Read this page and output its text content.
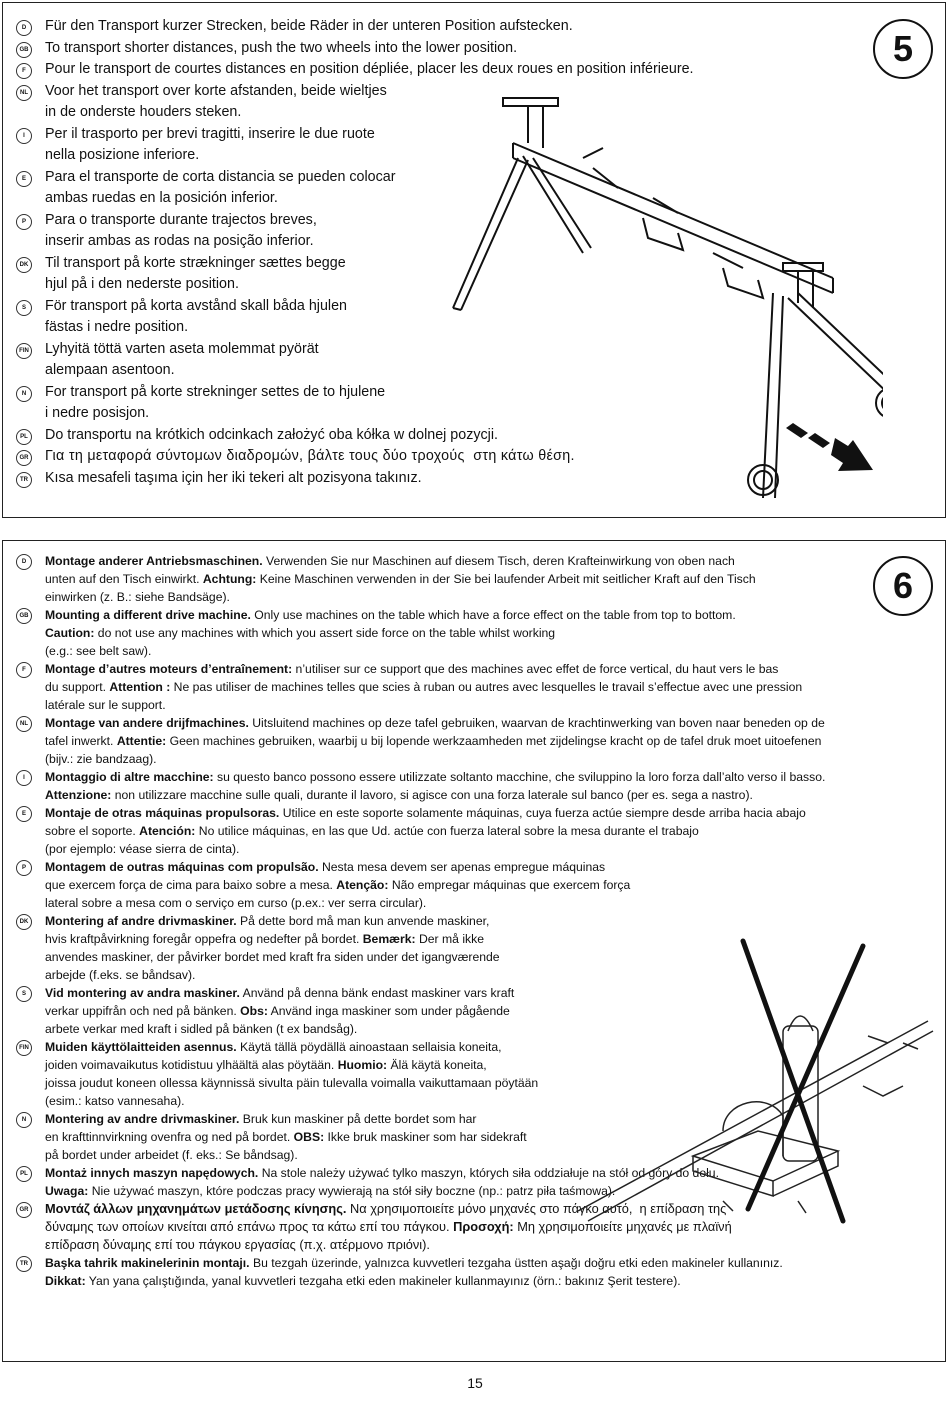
5
D	Für den Transport kurzer Strecken, beide Räder in der unteren Position aufstecken.
GB To transport shorter distances, push the two wheels into the lower position.
F	Pour le transport de courtes distances en position dépliée, placer les deux roues en position inférieure.
NL Voor het transport over korte afstanden, beide wieltjes
in de onderste houders steken.
I	Per il trasporto per brevi tragitti, inserire le due ruote
nella posizione inferiore.
E	Para el transporte de corta distancia se pueden colocar
ambas ruedas en la posición inferior.
P	Para o transporte durante trajectos breves,
inserir ambas as rodas na posição inferior.
DK Til transport på korte strækninger sættes begge
hjul på i den nederste position.
S	För transport på korta avstånd skall båda hjulen
fästas i nedre position.
FIN Lyhyitä töttä varten aseta molemmat pyörät
alempaan asentoon.
N	For transport på korte strekninger settes de to hjulene
i nedre posisjon.
PL Do transportu na krótkich odcinkach założyć oba kółka w dolnej pozycji.
GR Για τη μεταφορά σύντομων διαδρομών, βάλτε τους δύο τροχούς  στη κάτω θέση.
TR Kısa mesafeli taşıma için her iki tekeri alt pozisyona takınız.
6
D	Montage anderer Antriebsmaschinen. Verwenden Sie nur Maschinen auf diesem Tisch, deren Krafteinwirkung von oben nach
unten auf den Tisch einwirkt. Achtung: Keine Maschinen verwenden in der Sie bei laufender Arbeit mit seitlicher Kraft auf den Tisch
einwirken (z. B.: siehe Bandsäge).
GB Mounting a different drive machine. Only use machines on the table which have a force effect on the table from top to bottom.
Caution: do not use any machines with which you assert side force on the table whilst working
(e.g.: see belt saw).
F	Montage d’autres moteurs d’entraînement: n’utiliser sur ce support que des machines avec effet de force vertical, du haut vers le bas
du support. Attention : Ne pas utiliser de machines telles que scies à ruban ou autres avec lesquelles le travail s’effectue avec une pression
latérale sur le support.
NL	Montage van andere drijfmachines. Uitsluitend machines op deze tafel gebruiken, waarvan de krachtinwerking van boven naar beneden op de
tafel inwerkt. Attentie: Geen machines gebruiken, waarbij u bij lopende werkzaamheden met zijdelingse kracht op de tafel druk moet uitoefenen
(bijv.: zie bandzaag).
I	Montaggio di altre macchine: su questo banco possono essere utilizzate soltanto macchine, che sviluppino la loro forza dall’alto verso il basso.
Attenzione: non utilizzare macchine sulle quali, durante il lavoro, si agisce con una forza laterale sul banco (per es. sega a nastro).
E	Montaje de otras máquinas propulsoras. Utilice en este soporte solamente máquinas, cuya fuerza actúe siempre desde arriba hacia abajo
sobre el soporte. Atención: No utilice máquinas, en las que Ud. actúe con fuerza lateral sobre la mesa durante el trabajo
(por ejemplo: véase sierra de cinta).
P	Montagem de outras máquinas com propulsão. Nesta mesa devem ser apenas empregue máquinas
que exercem força de cima para baixo sobre a mesa. Atenção: Não empregar máquinas que exercem força
lateral sobre a mesa com o serviço em curso (p.ex.: ver serra circular).
DK	Montering af andre drivmaskiner. På dette bord må man kun anvende maskiner,
hvis kraftpåvirkning foregår oppefra og nedefter på bordet. Bemærk: Der må ikke
anvendes maskiner, der påvirker bordet med kraft fra siden under det igangværende
arbejde (f.eks. se båndsav).
S	Vid montering av andra maskiner. Använd på denna bänk endast maskiner vars kraft
verkar uppifrån och ned på bänken. Obs: Använd inga maskiner som under pågående
arbete verkar med kraft i sidled på bänken (t ex bandsåg).
FIN Muiden käyttölaitteiden asennus. Käytä tällä pöydällä ainoastaan sellaisia koneita,
joiden voimavaikutus kotidistuu ylhäältä alas pöytään. Huomio: Älä käytä koneita,
joissa joudut koneen ollessa käynnissä sivulta päin tulevalla voimalla vaikuttamaan pöytään
(esim.: katso vannesaha).
N	Montering av andre drivmaskiner. Bruk kun maskiner på dette bordet som har
en krafttinnvirkning ovenfra og ned på bordet. OBS: Ikke bruk maskiner som har sidekraft
på bordet under arbeidet (f. eks.: Se båndsag).
PL	Montaż innych maszyn napędowych. Na stole należy używać tylko maszyn, których siła oddziałuje na stół od góry do dołu.
Uwaga: Nie używać maszyn, które podczas pracy wywierają na stół siły boczne (np.: patrz piła taśmowa).
GR Μοντάζ άλλων μηχανημάτων μετάδοσης κίνησης. Να χρησιμοποιείτε μόνο μηχανές στο πάγκο αυτό,  η επίδραση της
δύναμης των οποίων κινείται από επάνω προς τα κάτω επί του πάγκου. Προσοχή: Μη χρησιμοποιείτε μηχανές με πλαϊνή
επίδραση δύναμης επί του πάγκου εργασίας (π.χ. ατέρμονο πριόνι).
TR	Başka tahrik makinelerinin montajı. Bu tezgah üzerinde, yalnızca kuvvetleri tezgaha üstten aşağı doğru etki eden makineler kullanınız.
Dikkat: Yan yana çalıştığında, yanal kuvvetleri tezgaha etki eden makineler kullanmayınız (örn.: bakınız Şerit testere).
15
